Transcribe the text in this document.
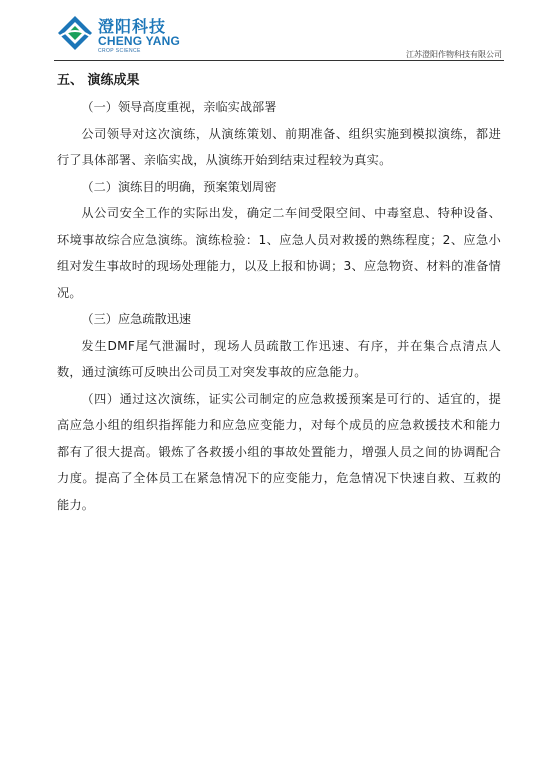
澄阳科技
CHENG YANG
CROP SCIENCE	江苏澄阳作物科技有限公司

五、 演练成果

（一）领导高度重视，亲临实战部署

公司领导对这次演练，从演练策划、前期准备、组织实施到模拟演练，都进行了具体部署、亲临实战，从演练开始到结束过程较为真实。

（二）演练目的明确，预案策划周密

从公司安全工作的实际出发，确定二车间受限空间、中毒窒息、特种设备、环境事故综合应急演练。演练检验：1、应急人员对救援的熟练程度；2、应急小组对发生事故时的现场处理能力，以及上报和协调；3、应急物资、材料的准备情况。

（三）应急疏散迅速

发生DMF尾气泄漏时，现场人员疏散工作迅速、有序，并在集合点清点人数，通过演练可反映出公司员工对突发事故的应急能力。

（四）通过这次演练，证实公司制定的应急救援预案是可行的、适宜的，提高应急小组的组织指挥能力和应急应变能力，对每个成员的应急救援技术和能力都有了很大提高。锻炼了各救援小组的事故处置能力，增强人员之间的协调配合力度。提高了全体员工在紧急情况下的应变能力，危急情况下快速自救、互救的能力。
